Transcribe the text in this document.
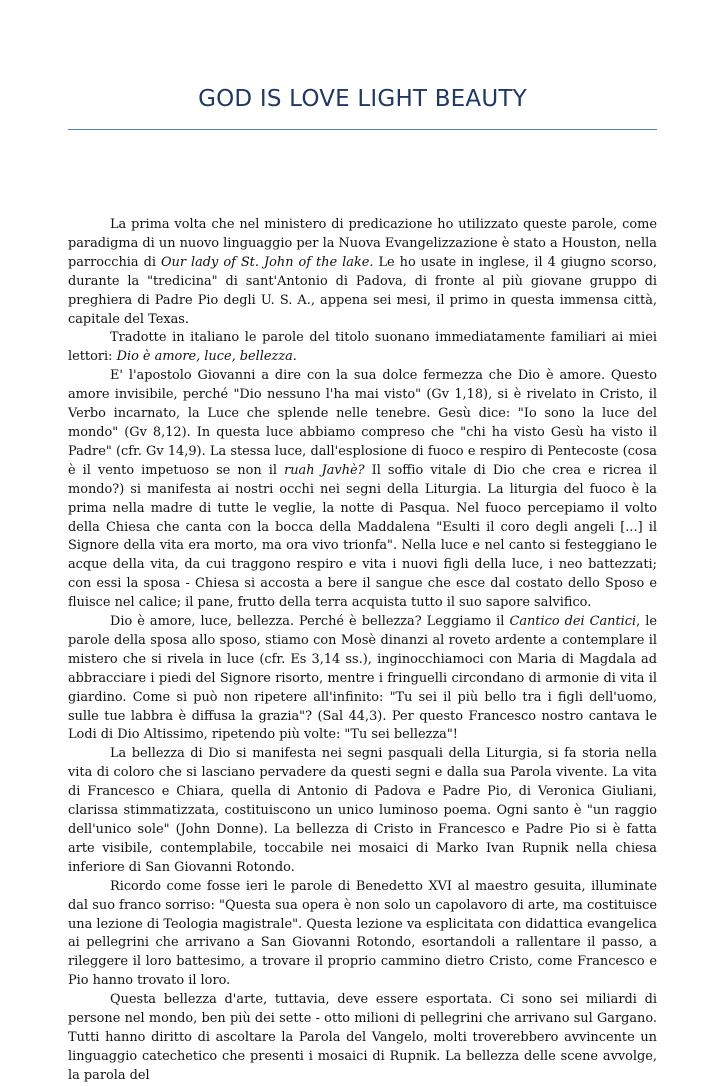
GOD IS LOVE LIGHT BEAUTY

La prima volta che nel ministero di predicazione ho utilizzato queste parole, come paradigma di un nuovo linguaggio per la Nuova Evangelizzazione è stato a Houston, nella parrocchia di Our lady of St. John of the lake. Le ho usate in inglese, il 4 giugno scorso, durante la "tredicina" di sant'Antonio di Padova, di fronte al più giovane gruppo di preghiera di Padre Pio degli U. S. A., appena sei mesi, il primo in questa immensa città, capitale del Texas.

Tradotte in italiano le parole del titolo suonano immediatamente familiari ai miei lettori: Dio è amore, luce, bellezza.

E' l'apostolo Giovanni a dire con la sua dolce fermezza che Dio è amore. Questo amore invisibile, perché "Dio nessuno l'ha mai visto" (Gv 1,18), si è rivelato in Cristo, il Verbo incarnato, la Luce che splende nelle tenebre. Gesù dice: "Io sono la luce del mondo" (Gv 8,12). In questa luce abbiamo compreso che "chi ha visto Gesù ha visto il Padre" (cfr. Gv 14,9). La stessa luce, dall'esplosione di fuoco e respiro di Pentecoste (cosa è il vento impetuoso se non il ruah Javhè? Il soffio vitale di Dio che crea e ricrea il mondo?) si manifesta ai nostri occhi nei segni della Liturgia. La liturgia del fuoco è la prima nella madre di tutte le veglie, la notte di Pasqua. Nel fuoco percepiamo il volto della Chiesa che canta con la bocca della Maddalena "Esulti il coro degli angeli [...] il Signore della vita era morto, ma ora vivo trionfa". Nella luce e nel canto si festeggiano le acque della vita, da cui traggono respiro e vita i nuovi figli della luce, i neo battezzati; con essi la sposa - Chiesa si accosta a bere il sangue che esce dal costato dello Sposo e fluisce nel calice; il pane, frutto della terra acquista tutto il suo sapore salvifico.

Dio è amore, luce, bellezza. Perché è bellezza? Leggiamo il Cantico dei Cantici, le parole della sposa allo sposo, stiamo con Mosè dinanzi al roveto ardente a contemplare il mistero che si rivela in luce (cfr. Es 3,14 ss.), inginocchiamoci con Maria di Magdala ad abbracciare i piedi del Signore risorto, mentre i fringuelli circondano di armonie di vita il giardino. Come si può non ripetere all'infinito: "Tu sei il più bello tra i figli dell'uomo, sulle tue labbra è diffusa la grazia"? (Sal 44,3). Per questo Francesco nostro cantava le Lodi di Dio Altissimo, ripetendo più volte: "Tu sei bellezza"!

La bellezza di Dio si manifesta nei segni pasquali della Liturgia, si fa storia nella vita di coloro che si lasciano pervadere da questi segni e dalla sua Parola vivente. La vita di Francesco e Chiara, quella di Antonio di Padova e Padre Pio, di Veronica Giuliani, clarissa stimmatizzata, costituiscono un unico luminoso poema. Ogni santo è "un raggio dell'unico sole" (John Donne). La bellezza di Cristo in Francesco e Padre Pio si è fatta arte visibile, contemplabile, toccabile nei mosaici di Marko Ivan Rupnik nella chiesa inferiore di San Giovanni Rotondo.

Ricordo come fosse ieri le parole di Benedetto XVI al maestro gesuita, illuminate dal suo franco sorriso: "Questa sua opera è non solo un capolavoro di arte, ma costituisce una lezione di Teologia magistrale". Questa lezione va esplicitata con didattica evangelica ai pellegrini che arrivano a San Giovanni Rotondo, esortandoli a rallentare il passo, a rileggere il loro battesimo, a trovare il proprio cammino dietro Cristo, come Francesco e Pio hanno trovato il loro.

Questa bellezza d'arte, tuttavia, deve essere esportata. Ci sono sei miliardi di persone nel mondo, ben più dei sette - otto milioni di pellegrini che arrivano sul Gargano. Tutti hanno diritto di ascoltare la Parola del Vangelo, molti troverebbero avvincente un linguaggio catechetico che presenti i mosaici di Rupnik. La bellezza delle scene avvolge, la parola del
